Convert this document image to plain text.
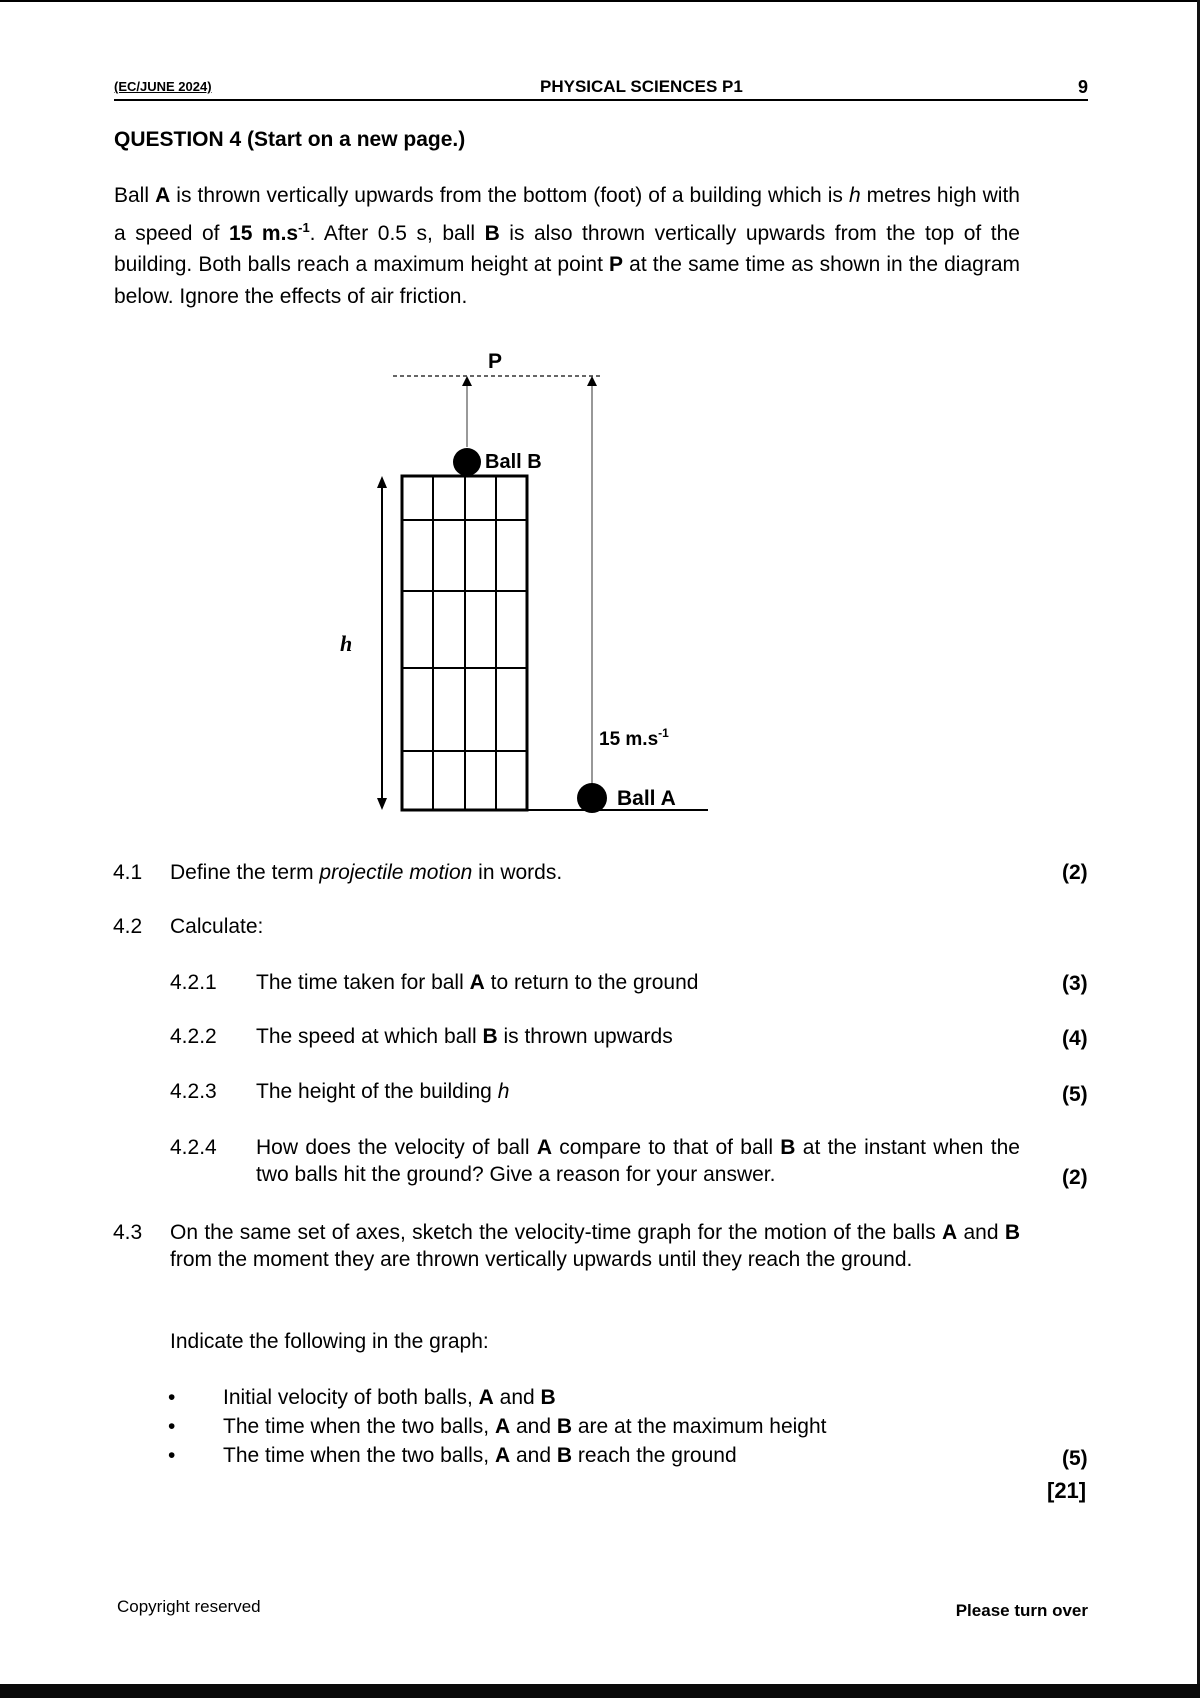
(EC/JUNE 2024)	PHYSICAL SCIENCES P1	9
QUESTION 4 (Start on a new page.)
Ball A is thrown vertically upwards from the bottom (foot) of a building which is h metres high with a speed of 15 $m.s^{-1}$. After 0.5 s, ball B is also thrown vertically upwards from the top of the building. Both balls reach a maximum height at point P at the same time as shown in the diagram below. Ignore the effects of air friction.
P
h
Ball B
Ball A
15 $m.s^{-1}$
4.1 Define the term projectile motion in words.	(2)
4.2 Calculate:
4.2.1 The time taken for ball A to return to the ground	(3)
4.2.2 The speed at which ball B is thrown upwards	(4)
4.2.3 The height of the building h	(5)
4.2.4 How does the velocity of ball A compare to that of ball B at the instant when the two balls hit the ground? Give a reason for your answer.	(2)
4.3 On the same set of axes, sketch the velocity-time graph for the motion of the balls A and B from the moment they are thrown vertically upwards until they reach the ground.
Indicate the following in the graph:
• Initial velocity of both balls, A and B
• The time when the two balls, A and B are at the maximum height
• The time when the two balls, A and B reach the ground	(5)
[21]
Copyright reserved	Please turn over
